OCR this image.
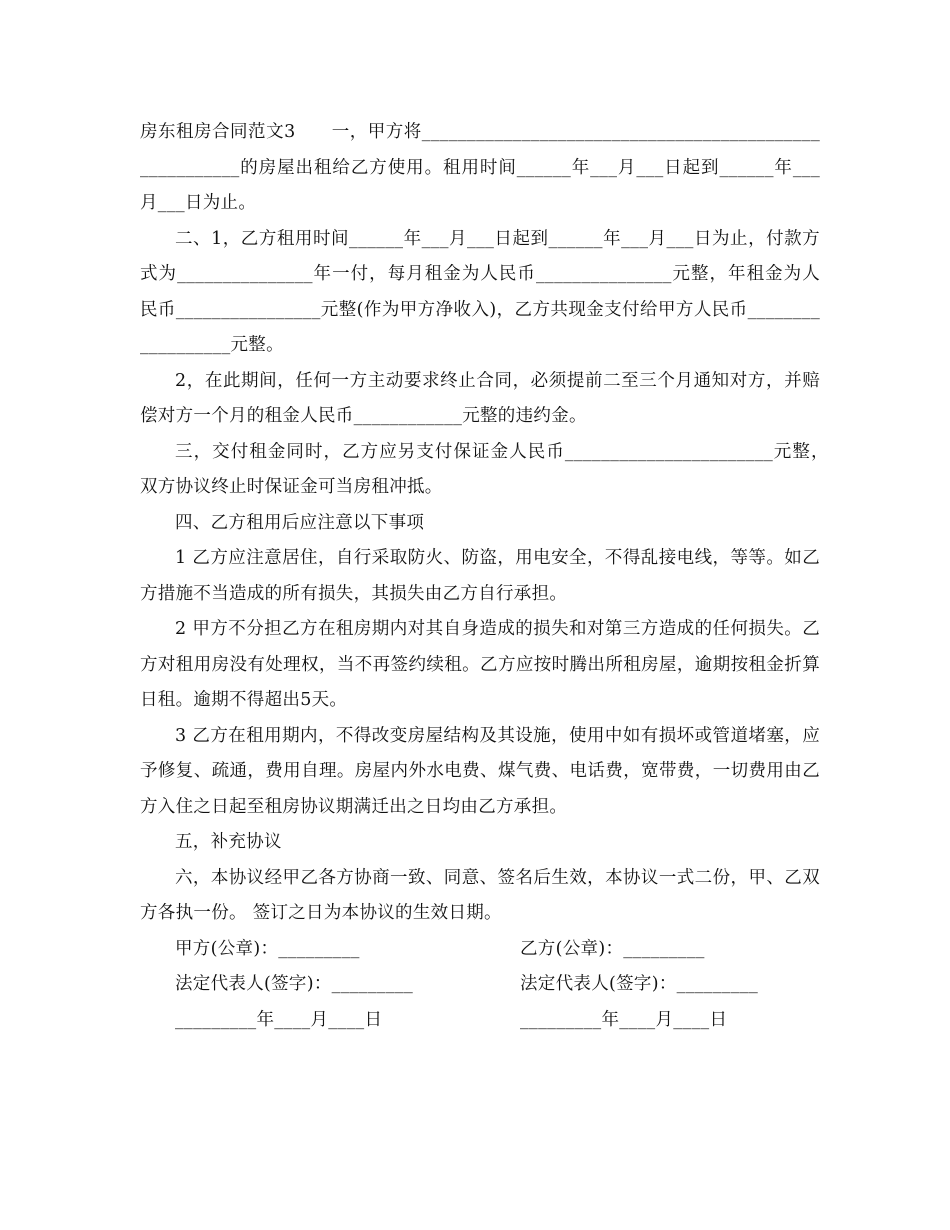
房东租房合同范文3　　一，甲方将_______________________________________________________的房屋出租给乙方使用。租用时间______年___月___日起到______年___月___日为止。

二、1，乙方租用时间______年___月___日起到______年___月___日为止，付款方式为_______________年一付，每月租金为人民币_______________元整，年租金为人民币________________元整(作为甲方净收入)，乙方共现金支付给甲方人民币__________________元整。

2，在此期间，任何一方主动要求终止合同，必须提前二至三个月通知对方，并赔偿对方一个月的租金人民币____________元整的违约金。

三，交付租金同时，乙方应另支付保证金人民币_______________________元整，　双方协议终止时保证金可当房租冲抵。

四、乙方租用后应注意以下事项

1 乙方应注意居住，自行采取防火、防盗，用电安全，不得乱接电线，等等。如乙方措施不当造成的所有损失，其损失由乙方自行承担。

2 甲方不分担乙方在租房期内对其自身造成的损失和对第三方造成的任何损失。乙方对租用房没有处理权，当不再签约续租。乙方应按时腾出所租房屋，逾期按租金折算日租。逾期不得超出5天。

3 乙方在租用期内，不得改变房屋结构及其设施，使用中如有损坏或管道堵塞，应予修复、疏通，费用自理。房屋内外水电费、煤气费、电话费，宽带费，一切费用由乙方入住之日起至租房协议期满迁出之日均由乙方承担。

五，补充协议

六，本协议经甲乙各方协商一致、同意、签名后生效，本协议一式二份，甲、乙双方各执一份。 签订之日为本协议的生效日期。

甲方(公章)：_________	乙方(公章)：_________
法定代表人(签字)：_________	法定代表人(签字)：_________
_________年____月____日	_________年____月____日
